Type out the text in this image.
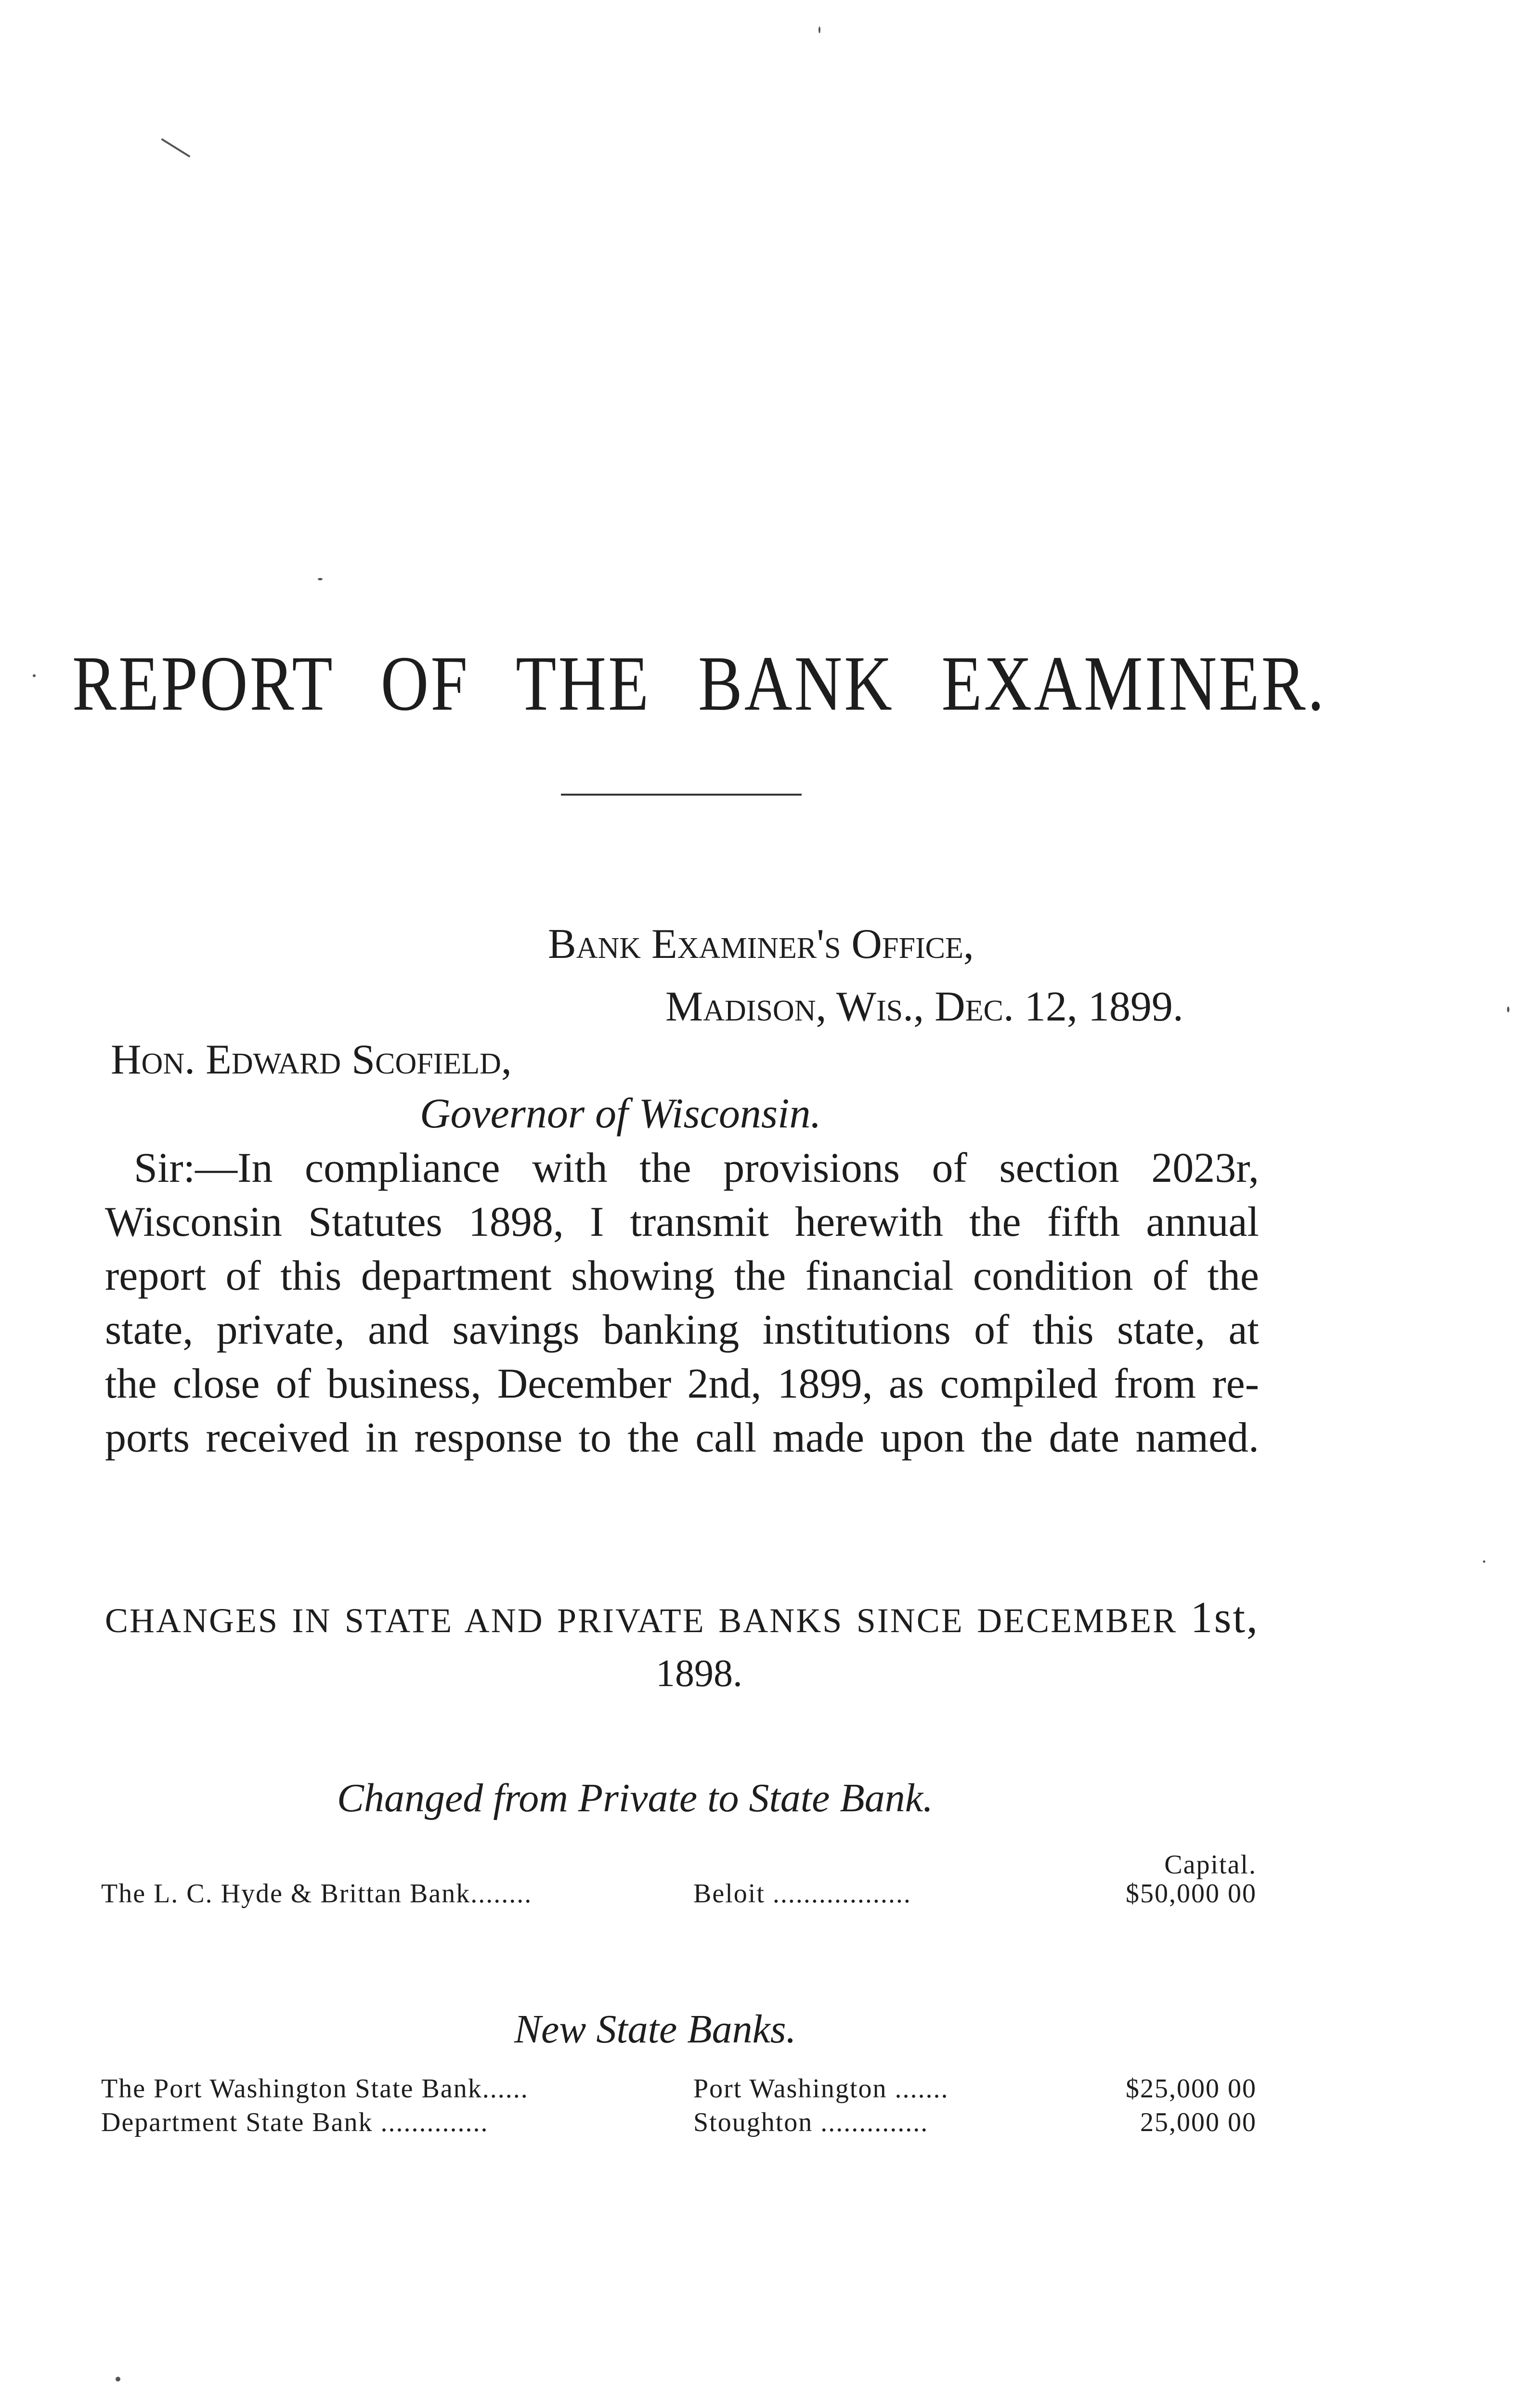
REPORT OF THE BANK EXAMINER.
Bank Examiner's Office,
Madison, Wis., Dec. 12, 1899.
Hon. Edward Scofield,
Governor of Wisconsin.
Sir:—In compliance with the provisions of section 2023r,
Wisconsin Statutes 1898, I transmit herewith the fifth annual
report of this department showing the financial condition of the
state, private, and savings banking institutions of this state, at
the close of business, December 2nd, 1899, as compiled from re-
ports received in response to the call made upon the date named.
CHANGES IN STATE AND PRIVATE BANKS SINCE DECEMBER 1st,
1898.
Changed from Private to State Bank.
Capital.
The L. C. Hyde & Brittan Bank........	Beloit ..................	$50,000 00
New State Banks.
The Port Washington State Bank......	Port Washington .......	$25,000 00
Department State Bank ..............	Stoughton ..............	25,000 00
